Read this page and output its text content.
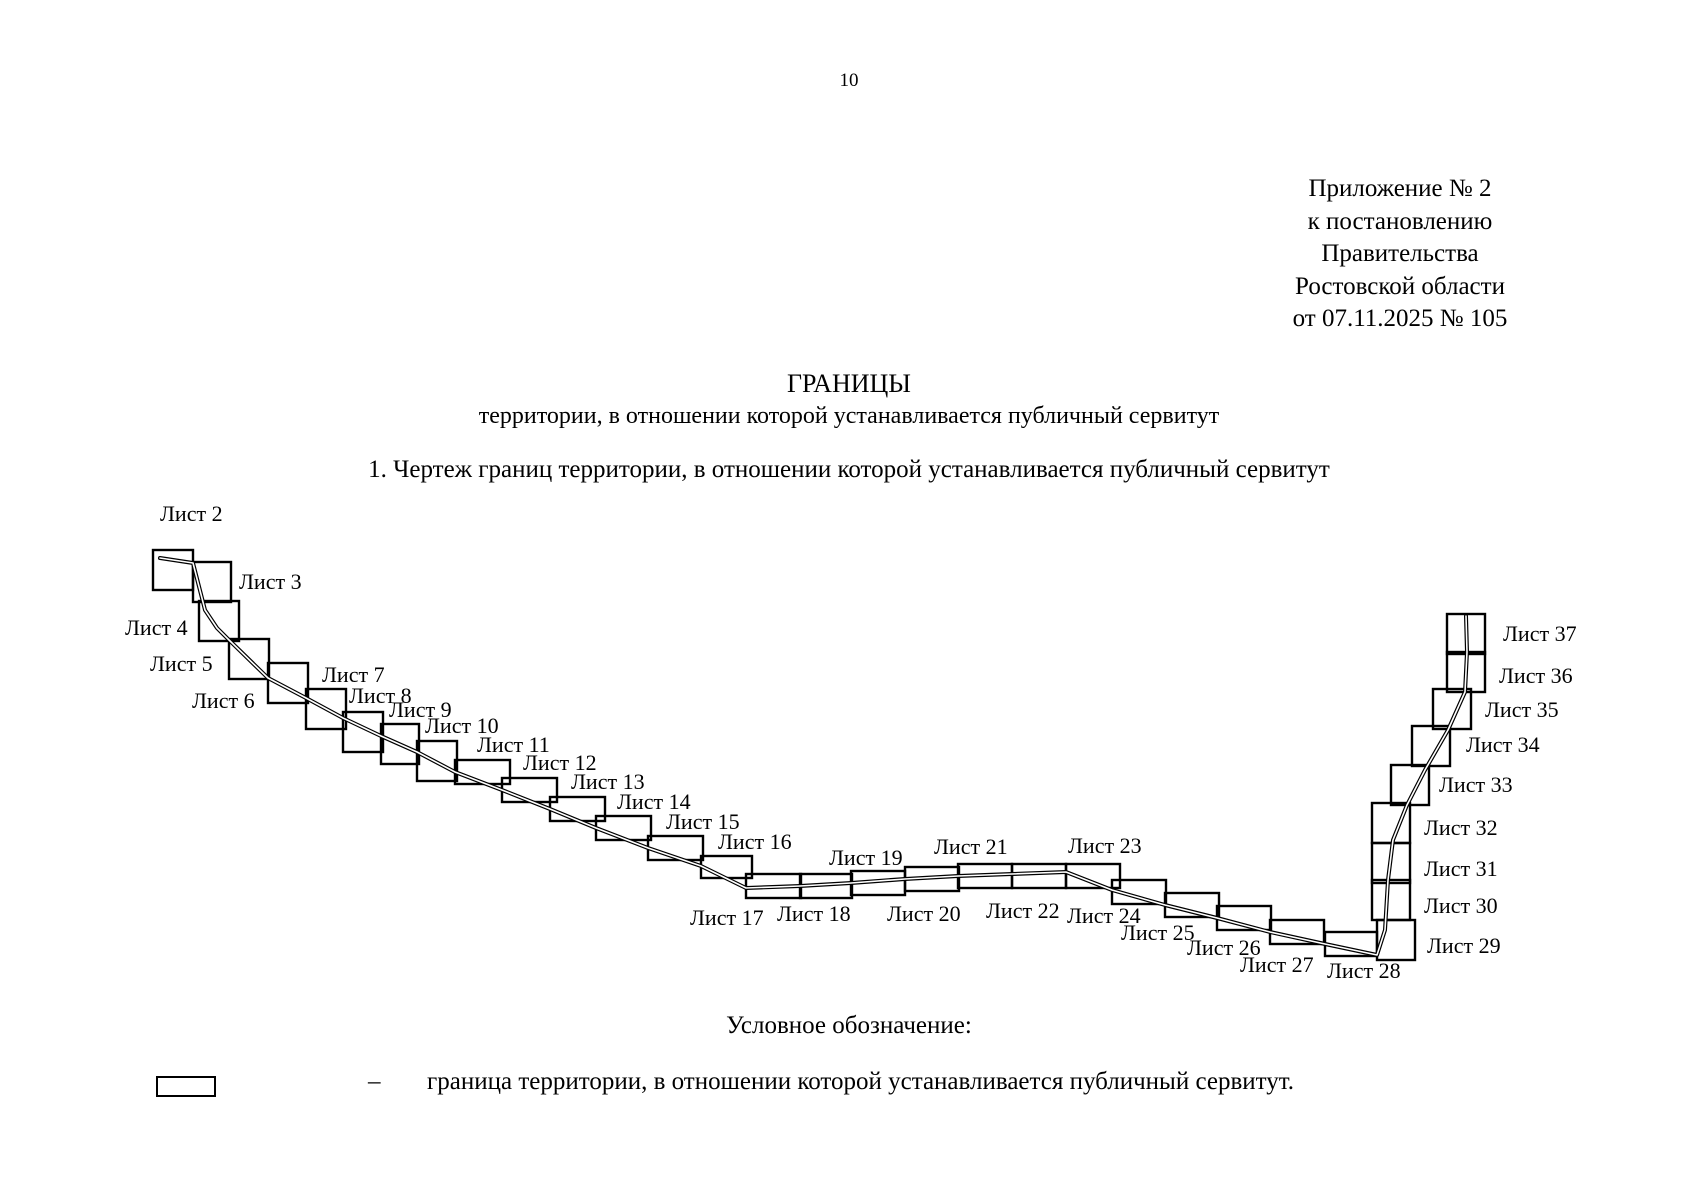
10
Приложение № 2
к постановлению
Правительства
Ростовской области
от 07.11.2025 № 105
ГРАНИЦЫ
территории, в отношении которой устанавливается публичный сервитут
1. Чертеж границ территории, в отношении которой устанавливается публичный сервитут
Лист 2
Лист 3
Лист 4
Лист 5
Лист 6
Лист 7
Лист 8
Лист 9
Лист 10
Лист 11
Лист 12
Лист 13
Лист 14
Лист 15
Лист 16
Лист 17 Лист 18
Лист 19
Лист 20
Лист 21
Лист 22
Лист 23
Лист 24
Лист 25
Лист 26
Лист 27 Лист 28
Лист 29
Лист 30
Лист 31
Лист 32
Лист 33
Лист 34
Лист 35
Лист 36
Лист 37
Условное обозначение:
– граница территории, в отношении которой устанавливается публичный сервитут.
